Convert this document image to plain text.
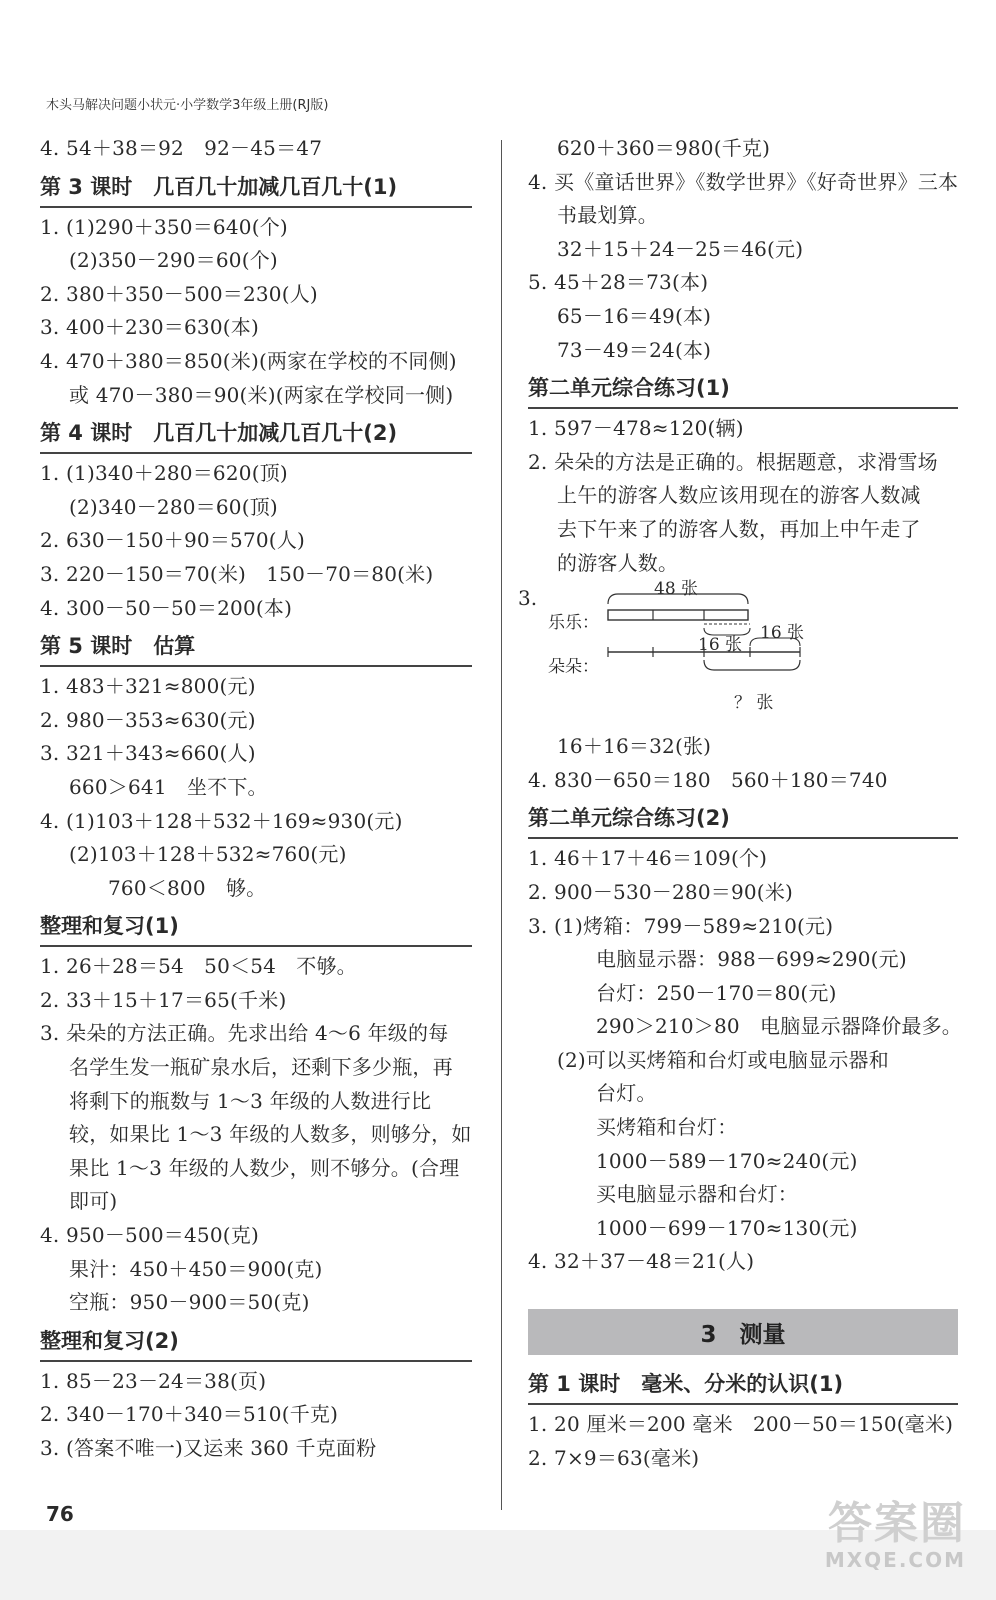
木头马解决问题小状元·小学数学3年级上册(RJ版)
4. 54＋38＝92　92－45＝47
第 3 课时　几百几十加减几百几十(1)
1. (1)290＋350＝640(个)
(2)350－290＝60(个)
2. 380＋350－500＝230(人)
3. 400＋230＝630(本)
4. 470＋380＝850(米)(两家在学校的不同侧)
或 470－380＝90(米)(两家在学校同一侧)
第 4 课时　几百几十加减几百几十(2)
1. (1)340＋280＝620(顶)
(2)340－280＝60(顶)
2. 630－150＋90＝570(人)
3. 220－150＝70(米)　150－70＝80(米)
4. 300－50－50＝200(本)
第 5 课时　估算
1. 483＋321≈800(元)
2. 980－353≈630(元)
3. 321＋343≈660(人)
660＞641　坐不下。
4. (1)103＋128＋532＋169≈930(元)
(2)103＋128＋532≈760(元)
760＜800　够。
整理和复习(1)
1. 26＋28＝54　50＜54　不够。
2. 33＋15＋17＝65(千米)
3. 朵朵的方法正确。先求出给 4～6 年级的每
名学生发一瓶矿泉水后，还剩下多少瓶，再
将剩下的瓶数与 1～3 年级的人数进行比
较，如果比 1～3 年级的人数多，则够分，如
果比 1～3 年级的人数少，则不够分。(合理
即可)
4. 950－500＝450(克)
果汁：450＋450＝900(克)
空瓶：950－900＝50(克)
整理和复习(2)
1. 85－23－24＝38(页)
2. 340－170＋340＝510(千克)
3. (答案不唯一)又运来 360 千克面粉
620＋360＝980(千克)
4. 买《童话世界》《数学世界》《好奇世界》三本
书最划算。
32＋15＋24－25＝46(元)
5. 45＋28＝73(本)
65－16＝49(本)
73－49＝24(本)
第二单元综合练习(1)
1. 597－478≈120(辆)
2. 朵朵的方法是正确的。根据题意，求滑雪场
上午的游客人数应该用现在的游客人数减
去下午来了的游客人数，再加上中午走了
的游客人数。
3.
乐乐：
朵朵：
48 张
16 张
16 张
？ 张
16＋16＝32(张)
4. 830－650＝180　560＋180＝740
第二单元综合练习(2)
1. 46＋17＋46＝109(个)
2. 900－530－280＝90(米)
3. (1)烤箱：799－589≈210(元)
电脑显示器：988－699≈290(元)
台灯：250－170＝80(元)
290＞210＞80　电脑显示器降价最多。
(2)可以买烤箱和台灯或电脑显示器和
台灯。
买烤箱和台灯：
1000－589－170≈240(元)
买电脑显示器和台灯：
1000－699－170≈130(元)
4. 32＋37－48＝21(人)
3　测量
第 1 课时　毫米、分米的认识(1)
1. 20 厘米＝200 毫米　200－50＝150(毫米)
2. 7×9＝63(毫米)
76	答案圈
MXQE.COM
